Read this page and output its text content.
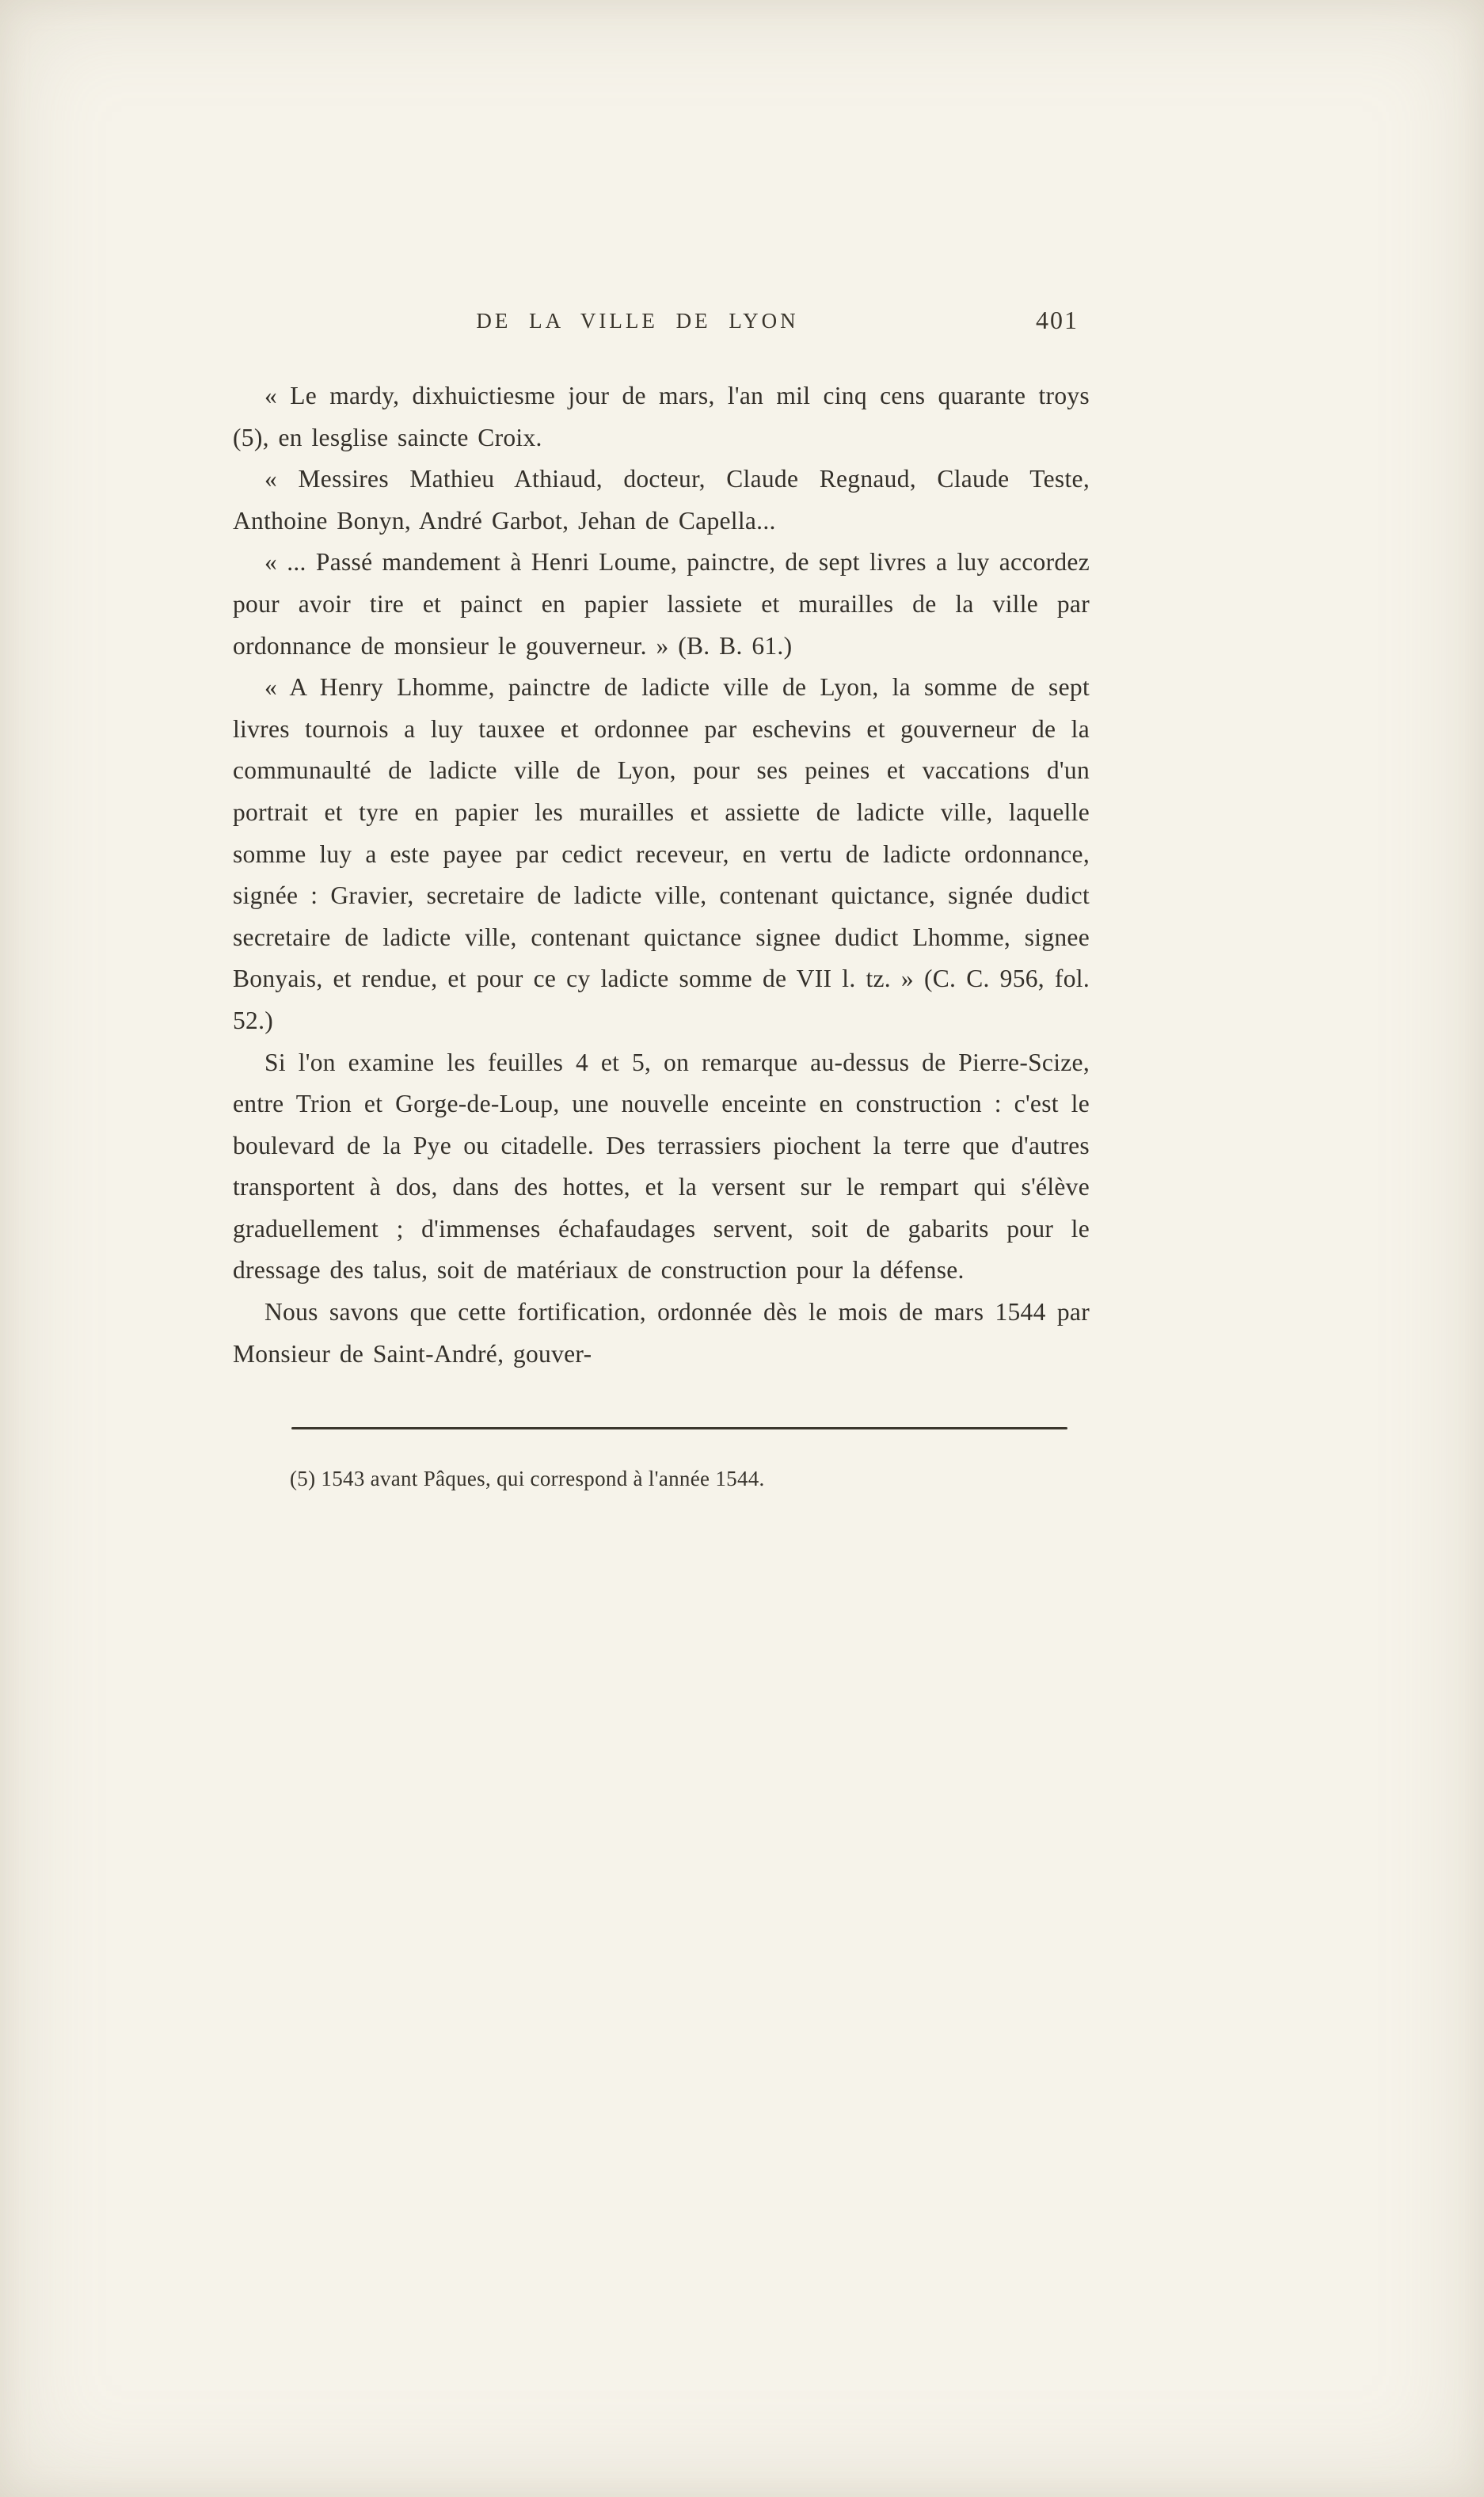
DE LA VILLE DE LYON	401

« Le mardy, dixhuictiesme jour de mars, l'an mil cinq cens quarante troys (5), en lesglise saincte Croix.

« Messires Mathieu Athiaud, docteur, Claude Regnaud, Claude Teste, Anthoine Bonyn, André Garbot, Jehan de Capella...

« ... Passé mandement à Henri Loume, painctre, de sept livres a luy accordez pour avoir tire et painct en papier lassiete et murailles de la ville par ordonnance de monsieur le gouverneur. » (B. B. 61.)

« A Henry Lhomme, painctre de ladicte ville de Lyon, la somme de sept livres tournois a luy tauxee et ordonnee par eschevins et gouverneur de la communaulté de ladicte ville de Lyon, pour ses peines et vaccations d'un portrait et tyre en papier les murailles et assiette de ladicte ville, laquelle somme luy a este payee par cedict receveur, en vertu de ladicte ordonnance, signée : Gravier, secretaire de ladicte ville, contenant quictance, signée dudict secretaire de ladicte ville, contenant quictance signee dudict Lhomme, signee Bonyais, et rendue, et pour ce cy ladicte somme de VII l. tz. » (C. C. 956, fol. 52.)

Si l'on examine les feuilles 4 et 5, on remarque au-dessus de Pierre-Scize, entre Trion et Gorge-de-Loup, une nouvelle enceinte en construction : c'est le boulevard de la Pye ou citadelle. Des terrassiers piochent la terre que d'autres transportent à dos, dans des hottes, et la versent sur le rempart qui s'élève graduellement ; d'immenses échafaudages servent, soit de gabarits pour le dressage des talus, soit de matériaux de construction pour la défense.

Nous savons que cette fortification, ordonnée dès le mois de mars 1544 par Monsieur de Saint-André, gouver-

(5) 1543 avant Pâques, qui correspond à l'année 1544.
